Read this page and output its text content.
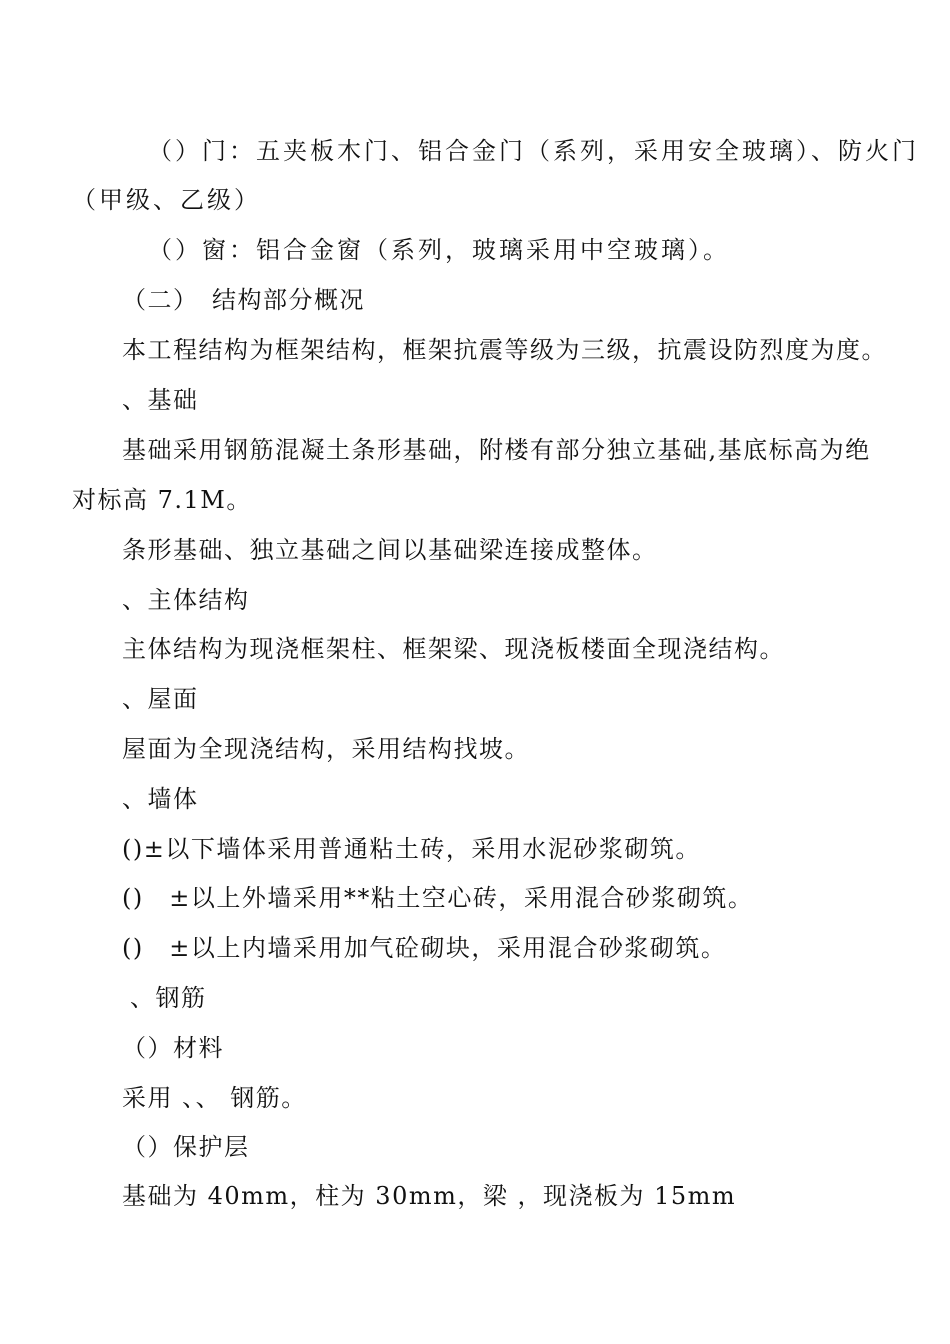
（）门：五夹板木门、铝合金门（系列，采用安全玻璃）、防火门
（甲级、乙级）
（）窗：铝合金窗（系列，玻璃采用中空玻璃）。
（二）　结构部分概况
本工程结构为框架结构，框架抗震等级为三级，抗震设防烈度为度。
、基础
基础采用钢筋混凝土条形基础，附楼有部分独立基础,基底标高为绝
对标高 7.1M。
条形基础、独立基础之间以基础梁连接成整体。
、主体结构
主体结构为现浇框架柱、框架梁、现浇板楼面全现浇结构。
、屋面
屋面为全现浇结构，采用结构找坡。
、墙体
()±以下墙体采用普通粘土砖，采用水泥砂浆砌筑。
()　±以上外墙采用**粘土空心砖，采用混合砂浆砌筑。
()　±以上内墙采用加气砼砌块，采用混合砂浆砌筑。
、钢筋
（）材料
采用 、、 钢筋。
（）保护层
基础为 40mm，柱为 30mm，梁 ，现浇板为 15mm
